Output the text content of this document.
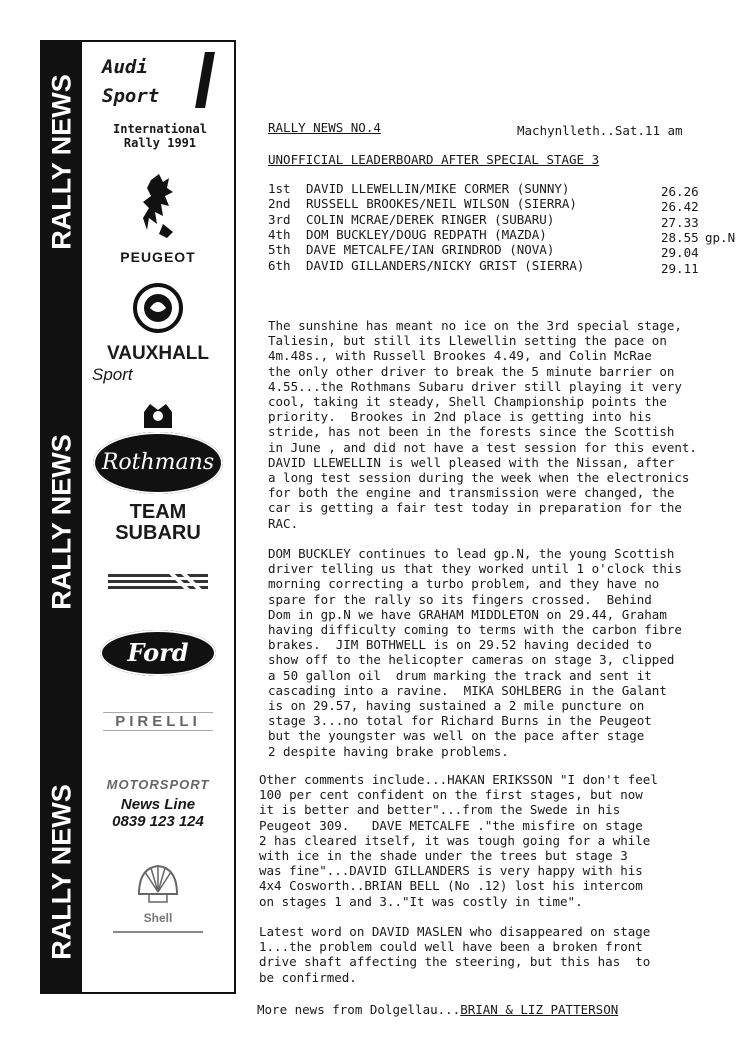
RALLY NEWS
RALLY NEWS
RALLY NEWS
Audi
Sport
International
Rally 1991
PEUGEOT
VAUXHALL
Sport
Rothmans
TEAM
SUBARU
Ford
PIRELLI
MOTORSPORT
News Line
0839 123 124
Shell
RALLY NEWS NO.4	Machynlleth..Sat.11 am
UNOFFICIAL LEADERBOARD AFTER SPECIAL STAGE 3
1st DAVID LLEWELLIN/MIKE CORMER (SUNNY)	26.26
2nd RUSSELL BROOKES/NEIL WILSON (SIERRA)	26.42
3rd COLIN MCRAE/DEREK RINGER (SUBARU)	27.33
4th DOM BUCKLEY/DOUG REDPATH (MAZDA)	28.55 gp.N
5th DAVE METCALFE/IAN GRINDROD (NOVA)	29.04
6th DAVID GILLANDERS/NICKY GRIST (SIERRA)	29.11
The sunshine has meant no ice on the 3rd special stage,
Taliesin, but still its Llewellin setting the pace on
4m.48s., with Russell Brookes 4.49, and Colin McRae
the only other driver to break the 5 minute barrier on
4.55...the Rothmans Subaru driver still playing it very
cool, taking it steady, Shell Championship points the
priority.  Brookes in 2nd place is getting into his
stride, has not been in the forests since the Scottish
in June , and did not have a test session for this event.
DAVID LLEWELLIN is well pleased with the Nissan, after
a long test session during the week when the electronics
for both the engine and transmission were changed, the
car is getting a fair test today in preparation for the
RAC.
DOM BUCKLEY continues to lead gp.N, the young Scottish
driver telling us that they worked until 1 o'clock this
morning correcting a turbo problem, and they have no
spare for the rally so its fingers crossed.  Behind
Dom in gp.N we have GRAHAM MIDDLETON on 29.44, Graham
having difficulty coming to terms with the carbon fibre
brakes.  JIM BOTHWELL is on 29.52 having decided to
show off to the helicopter cameras on stage 3, clipped
a 50 gallon oil  drum marking the track and sent it
cascading into a ravine.  MIKA SOHLBERG in the Galant
is on 29.57, having sustained a 2 mile puncture on
stage 3...no total for Richard Burns in the Peugeot
but the youngster was well on the pace after stage
2 despite having brake problems.
Other comments include...HAKAN ERIKSSON "I don't feel
100 per cent confident on the first stages, but now
it is better and better"...from the Swede in his
Peugeot 309.   DAVE METCALFE ."the misfire on stage
2 has cleared itself, it was tough going for a while
with ice in the shade under the trees but stage 3
was fine"...DAVID GILLANDERS is very happy with his
4x4 Cosworth..BRIAN BELL (No .12) lost his intercom
on stages 1 and 3.."It was costly in time".
Latest word on DAVID MASLEN who disappeared on stage
1...the problem could well have been a broken front
drive shaft affecting the steering, but this has  to
be confirmed.
More news from Dolgellau...BRIAN & LIZ PATTERSON
